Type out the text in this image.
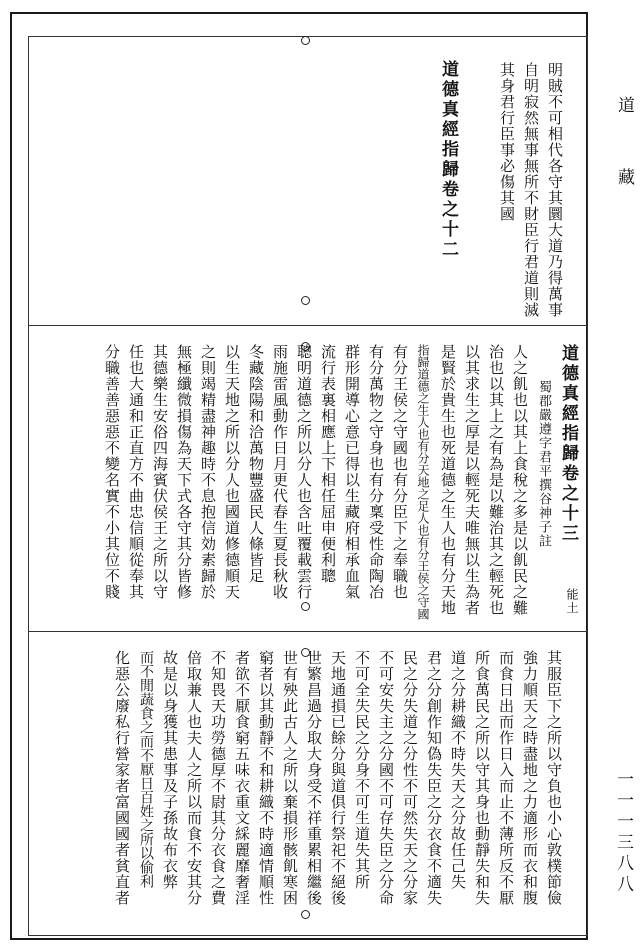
道德真經指歸卷之十二	明賊不可相代各守其圜大道乃得萬事
自明寂然無事無所不財臣行君道則滅
其身君行臣事必傷其國
道德真經指歸卷之十三
能土
蜀郡嚴遵字君平撰谷神子註
人之飢也以其上食稅之多是以飢民之難
治也以其上之有為是以難治其之輕死也
以其求生之厚是以輕死夫唯無以生為者
是賢於貴生也死道德之生人也有分天地
指歸道德之生人也有分天地之足人也有分王侯之守國
有分王侯之守國也有分臣下之奉職也
有分萬物之守身也有分稟受性命陶冶
群形開導心意已得以生藏府相承血氣
流行表裏相應上下相任屈申便利聰
聰明道德之所以分人也含吐覆載雲行
雨施雷風動作日月更代春生夏長秋收
冬藏陰陽和洽萬物豐盛民人條皆足
以生天地之所以分人也國道修德順天
之則竭精盡神趣時不息抱信効素歸於
無極纖微損傷為天下式各守其分皆修
其德樂生安俗四海賓伏侯王之所以守
任也大通和正直方不曲忠信順從奉其
分職善善惡惡不變名實不小其位不賤
其服臣下之所以守負也小心敦樸節儉
強力順天之時盡地之力適形而衣和腹
而食日出而作日入而止不薄所反不厭
所食萬民之所以守其身也動靜失和失
道之分耕織不時失天之分故任己失
君之分創作知偽失臣之分衣食不適失
民之分失道之分性不可然失天之分家
不可安失主之分國不可存失臣之分命
不可全失民之分身不可生道失其所
天地通損已餘分與道俱行祭祀不絕後
世繁昌過分取大身受不祥重累相繼後
世有殃此古人之所以棄損形骸飢寒困
窮者以其動靜不和耕織不時適情順性
者欲不厭食窮五味衣重文綵麗靡奢淫
不知畏天功勞德厚不尉其分衣食之費
倍取兼人也夫人之所以而食不安其分
故是以身獲其患事及子孫故布衣弊
而不閒蔬食之而不厭日百姓之所以偷利
化惡公廢私行營家者富國國者貧直者
道
藏
一一一三八八
